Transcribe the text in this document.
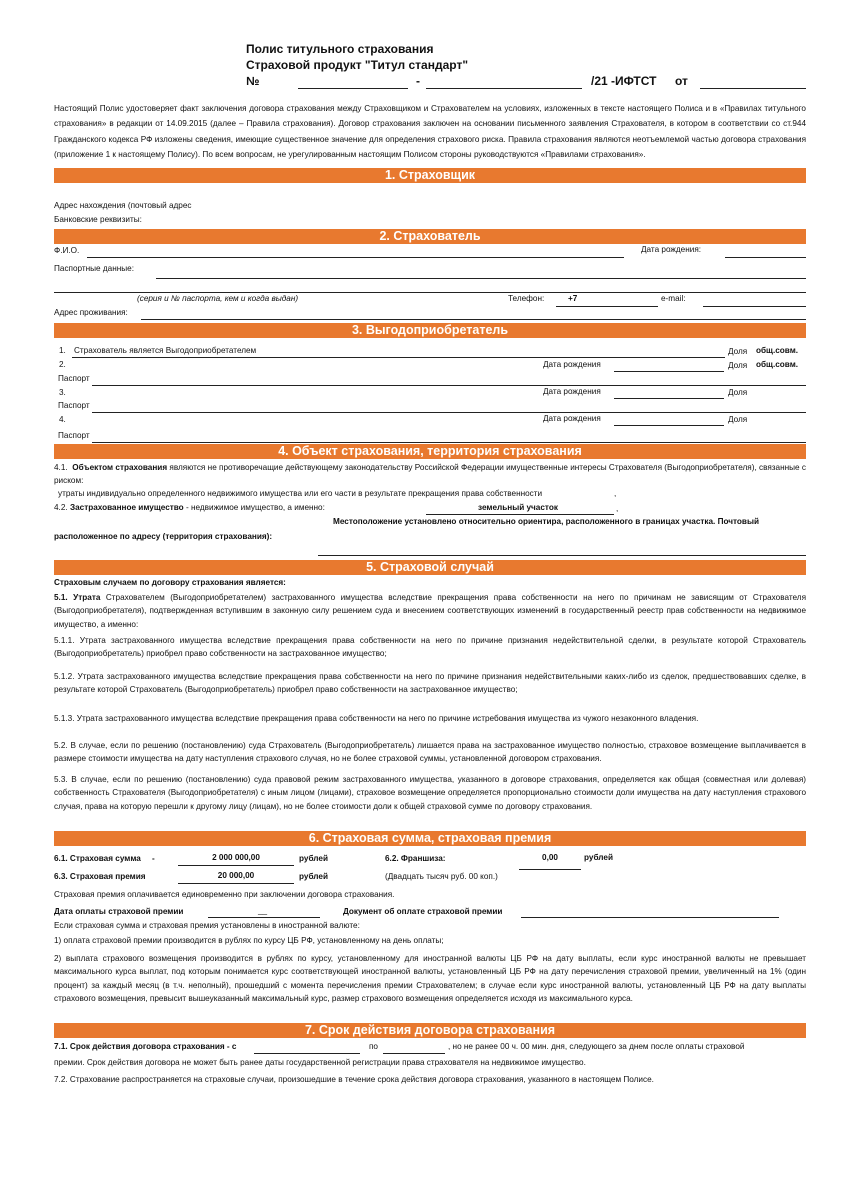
Полис титульного страхования
Страховой продукт "Титул стандарт"
№	-	/21 -ИФТСТ от
Настоящий Полис удостоверяет факт заключения договора страхования между Страховщиком и Страхователем на условиях, изложенных в тексте настоящего Полиса и в «Правилах титульного страхования» в редакции от 14.09.2015 (далее – Правила страхования). Договор страхования заключен на основании письменного заявления Страхователя, в котором в соответствии со ст.944 Гражданского кодекса РФ изложены сведения, имеющие существенное значение для определения страхового риска. Правила страхования являются неотъемлемой частью договора страхования (приложение 1 к настоящему Полису). По всем вопросам, не урегулированным настоящим Полисом стороны руководствуются «Правилами страхования».
1. Страховщик
Адрес нахождения (почтовый адрес
Банковские реквизиты:
2. Страхователь
Ф.И.О.	Дата рождения:
Паспортные данные:
(серия и № паспорта, кем и когда выдан)	Телефон:	+7	e-mail:
Адрес проживания:
3. Выгодоприобретатель
1. Страхователь является Выгодоприобретателем	Доля общ.совм.
2.	Дата рождения	Доля общ.совм.
Паспорт
3.	Дата рождения	Доля
Паспорт
4.	Дата рождения	Доля
Паспорт
4. Объект страхования, территория страхования
4.1. Объектом страхования являются не противоречащие действующему законодательству Российской Федерации имущественные интересы Страхователя (Выгодоприобретателя), связанные с риском:
утраты индивидуально определенного недвижимого имущества или его части в результате прекращения права собственности	,
4.2. Застрахованное имущество - недвижимое имущество, а именно:	земельный участок	,
Местоположение установлено относительно ориентира, расположенного в границах участка. Почтовый
расположенное по адресу (территория страхования):
5. Страховой случай
Страховым случаем по договору страхования является:
5.1. Утрата Страхователем (Выгодоприобретателем) застрахованного имущества вследствие прекращения права собственности на него по причинам не зависящим от Страхователя (Выгодоприобретателя), подтвержденная вступившим в законную силу решением суда и внесением соответствующих изменений в государственный реестр прав собственности на недвижимое имущество, а именно:
5.1.1. Утрата застрахованного имущества вследствие прекращения права собственности на него по причине признания недействительной сделки, в результате которой Страхователь (Выгодоприобретатель) приобрел право собственности на застрахованное имущество;
5.1.2. Утрата застрахованного имущества вследствие прекращения права собственности на него по причине признания недействительными каких-либо из сделок, предшествовавших сделке, в результате которой Страхователь (Выгодоприобретатель) приобрел право собственности на застрахованное имущество;
5.1.3. Утрата застрахованного имущества вследствие прекращения права собственности на него по причине истребования имущества из чужого незаконного владения.
5.2. В случае, если по решению (постановлению) суда Страхователь (Выгодоприобретатель) лишается права на застрахованное имущество полностью, страховое возмещение выплачивается в размере стоимости имущества на дату наступления страхового случая, но не более страховой суммы, установленной договором страхования.
5.3. В случае, если по решению (постановлению) суда правовой режим застрахованного имущества, указанного в договоре страхования, определяется как общая (совместная или долевая) собственность Страхователя (Выгодоприобретателя) с иным лицом (лицами), страховое возмещение определяется пропорционально стоимости доли имущества на дату наступления страхового случая, права на которую перешли к другому лицу (лицам), но не более стоимости доли к общей страховой сумме по договору страхования.
6. Страховая сумма, страховая премия
6.1. Страховая сумма -	2 000 000,00	рублей	6.2. Франшиза:	0,00	рублей
6.3. Страховая премия	20 000,00	рублей	(Двадцать тысяч руб. 00 коп.)
Страховая премия оплачивается единовременно при заключении договора страхования.
Дата оплаты страховой премии	__	Документ об оплате страховой премии
Если страховая сумма и страховая премия установлены в иностранной валюте:
1) оплата страховой премии производится в рублях по курсу ЦБ РФ, установленному на день оплаты;
2) выплата страхового возмещения производится в рублях по курсу, установленному для иностранной валюты ЦБ РФ на дату выплаты, если курс иностранной валюты не превышает максимального курса выплат, под которым понимается курс соответствующей иностранной валюты, установленный ЦБ РФ на дату перечисления страховой премии, увеличенный на 1% (один процент) за каждый месяц (в т.ч. неполный), прошедший с момента перечисления премии Страхователем; в случае если курс иностранной валюты, установленный ЦБ РФ на дату выплаты страхового возмещения, превысит вышеуказанный максимальный курс, размер страхового возмещения определяется исходя из максимального курса.
7. Срок действия договора страхования
7.1. Срок действия договора страхования - с	по	, но не ранее 00 ч. 00 мин. дня, следующего за днем после оплаты страховой
премии. Срок действия договора не может быть ранее даты государственной регистрации права страхователя на недвижимое имущество.
7.2. Страхование распространяется на страховые случаи, произошедшие в течение срока действия договора страхования, указанного в настоящем Полисе.
